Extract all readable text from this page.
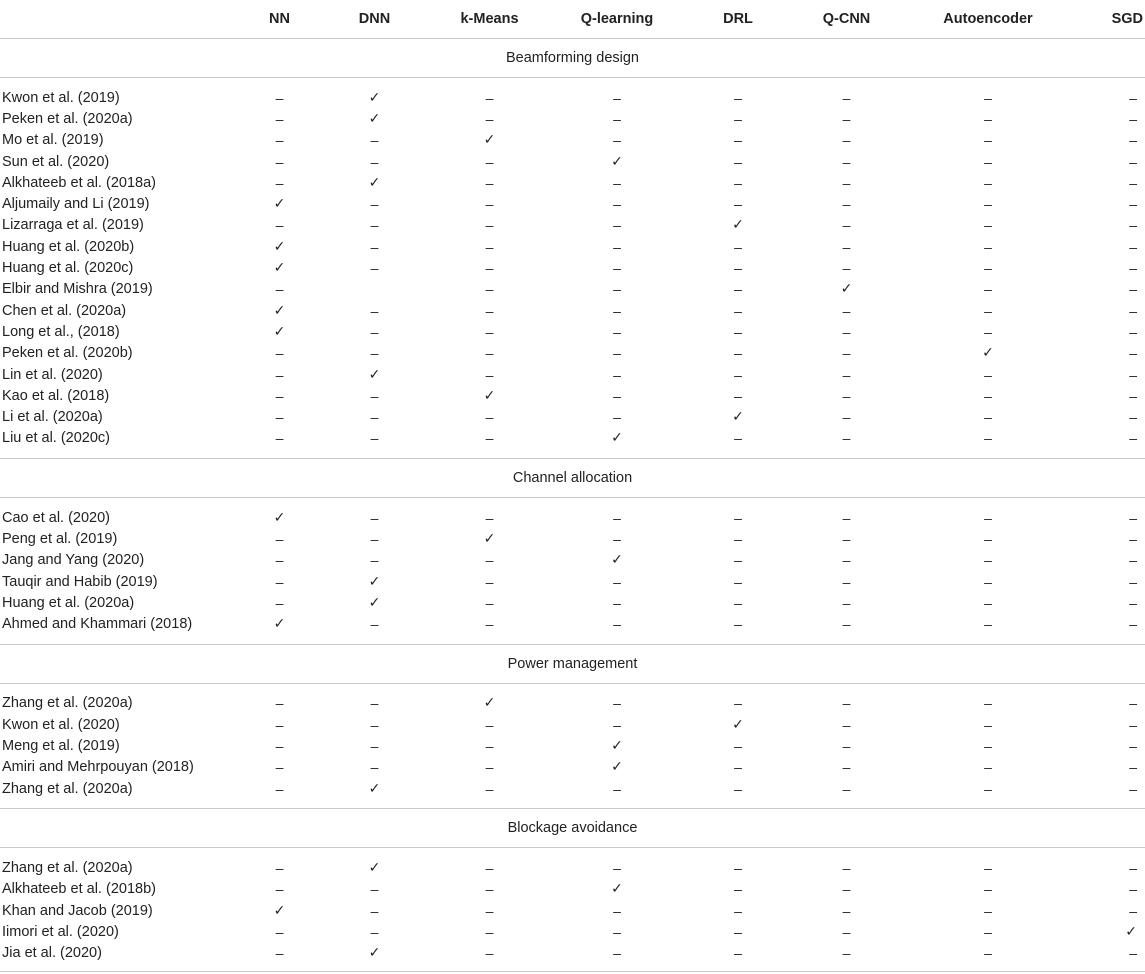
	NN	DNN	k-Means	Q-learning	DRL	Q-CNN	Autoencoder	SGD
Beamforming design								

Kwon et al. (2019)	–	✓	–	–	–	–	–	–
Peken et al. (2020a)	–	✓	–	–	–	–	–	–
Mo et al. (2019)	–	–	✓	–	–	–	–	–
Sun et al. (2020)	–	–	–	✓	–	–	–	–
Alkhateeb et al. (2018a)	–	✓	–	–	–	–	–	–
Aljumaily and Li (2019)	✓	–	–	–	–	–	–	–
Lizarraga et al. (2019)	–	–	–	–	✓	–	–	–
Huang et al. (2020b)	✓	–	–	–	–	–	–	–
Huang et al. (2020c)	✓	–	–	–	–	–	–	–
Elbir and Mishra (2019)	–		–	–	–	✓	–	–
Chen et al. (2020a)	✓	–	–	–	–	–	–	–
Long et al., (2018)	✓	–	–	–	–	–	–	–
Peken et al. (2020b)	–	–	–	–	–	–	✓	–
Lin et al. (2020)	–	✓	–	–	–	–	–	–
Kao et al. (2018)	–	–	✓	–	–	–	–	–
Li et al. (2020a)	–	–	–	–	✓	–	–	–
Liu et al. (2020c)	–	–	–	✓	–	–	–	–

Channel allocation								

Cao et al. (2020)	✓	–	–	–	–	–	–	–
Peng et al. (2019)	–	–	✓	–	–	–	–	–
Jang and Yang (2020)	–	–	–	✓	–	–	–	–
Tauqir and Habib (2019)	–	✓	–	–	–	–	–	–
Huang et al. (2020a)	–	✓	–	–	–	–	–	–
Ahmed and Khammari (2018)	✓	–	–	–	–	–	–	–

Power management								

Zhang et al. (2020a)	–	–	✓	–	–	–	–	–
Kwon et al. (2020)	–	–	–	–	✓	–	–	–
Meng et al. (2019)	–	–	–	✓	–	–	–	–
Amiri and Mehrpouyan (2018)	–	–	–	✓	–	–	–	–
Zhang et al. (2020a)	–	✓	–	–	–	–	–	–

Blockage avoidance								

Zhang et al. (2020a)	–	✓	–	–	–	–	–	–
Alkhateeb et al. (2018b)	–	–	–	✓	–	–	–	–
Khan and Jacob (2019)	✓	–	–	–	–	–	–	–
Iimori et al. (2020)	–	–	–	–	–	–	–	✓
Jia et al. (2020)	–	✓	–	–	–	–	–	–
